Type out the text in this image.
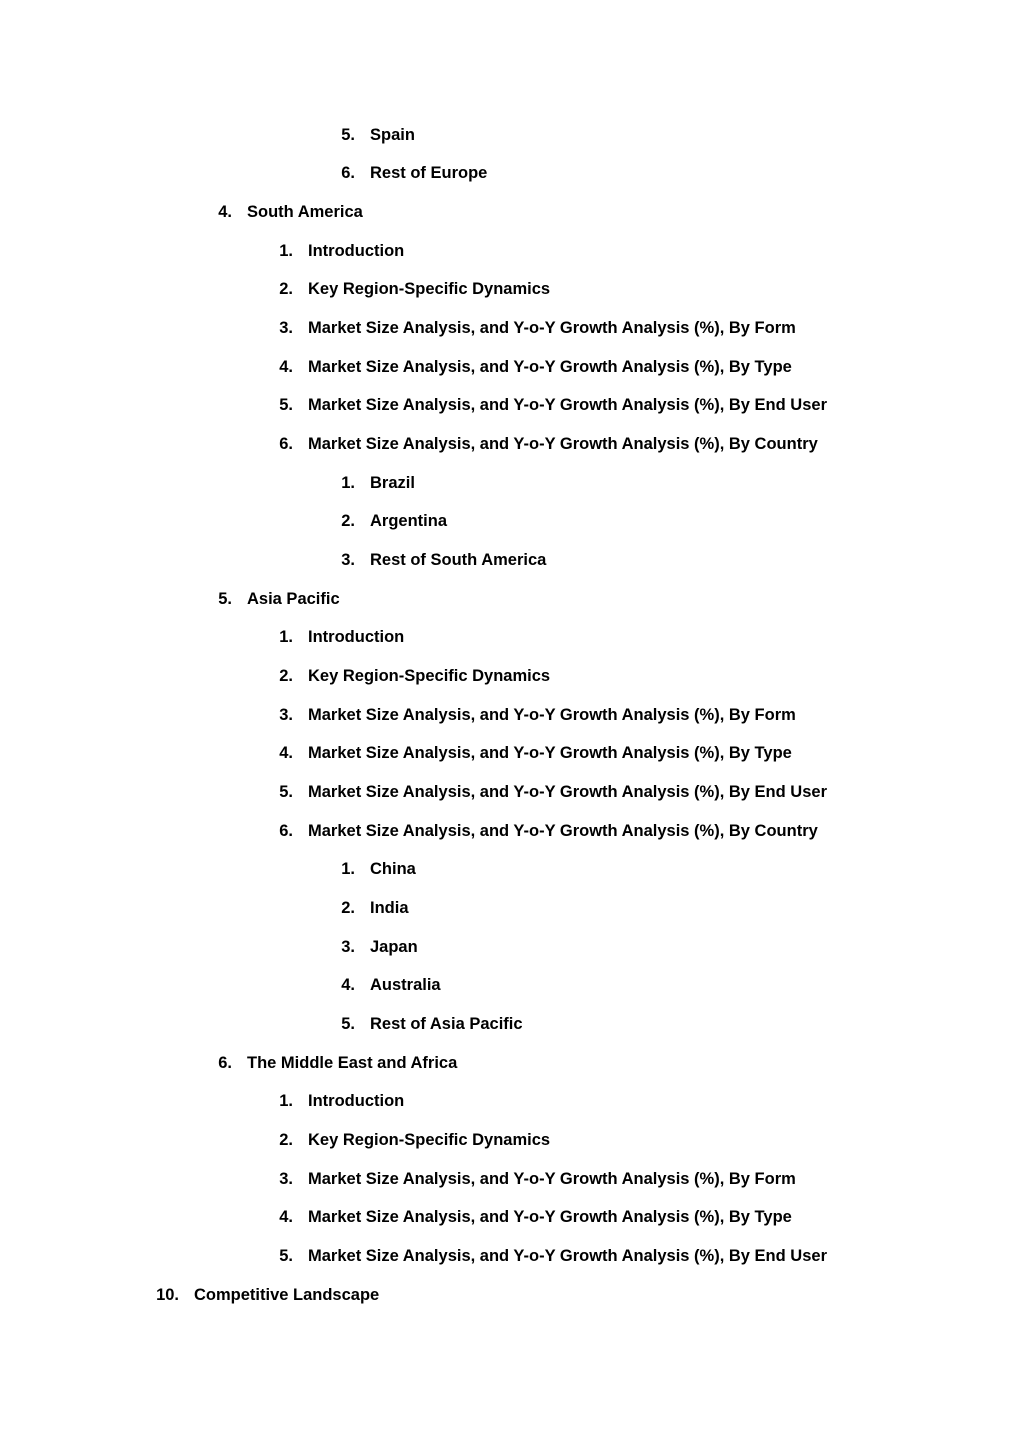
5. Spain
6. Rest of Europe
4. South America
1. Introduction
2. Key Region-Specific Dynamics
3. Market Size Analysis, and Y-o-Y Growth Analysis (%), By Form
4. Market Size Analysis, and Y-o-Y Growth Analysis (%), By Type
5. Market Size Analysis, and Y-o-Y Growth Analysis (%), By End User
6. Market Size Analysis, and Y-o-Y Growth Analysis (%), By Country
1. Brazil
2. Argentina
3. Rest of South America
5. Asia Pacific
1. Introduction
2. Key Region-Specific Dynamics
3. Market Size Analysis, and Y-o-Y Growth Analysis (%), By Form
4. Market Size Analysis, and Y-o-Y Growth Analysis (%), By Type
5. Market Size Analysis, and Y-o-Y Growth Analysis (%), By End User
6. Market Size Analysis, and Y-o-Y Growth Analysis (%), By Country
1. China
2. India
3. Japan
4. Australia
5. Rest of Asia Pacific
6. The Middle East and Africa
1. Introduction
2. Key Region-Specific Dynamics
3. Market Size Analysis, and Y-o-Y Growth Analysis (%), By Form
4. Market Size Analysis, and Y-o-Y Growth Analysis (%), By Type
5. Market Size Analysis, and Y-o-Y Growth Analysis (%), By End User
10. Competitive Landscape
